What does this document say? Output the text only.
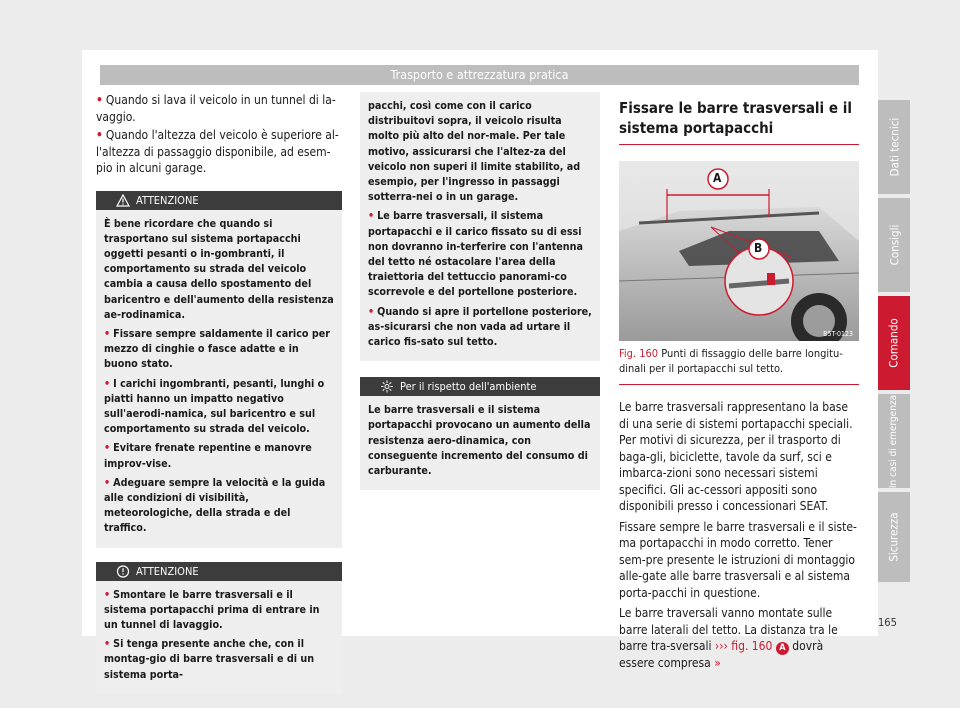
Trasporto e attrezzatura pratica

• Quando si lava il veicolo in un tunnel di la-vaggio.

• Quando l'altezza del veicolo è superiore al-l'altezza di passaggio disponibile, ad esem-pio in alcuni garage.

ATTENZIONE

È bene ricordare che quando si trasportano sul sistema portapacchi oggetti pesanti o in-gombranti, il comportamento su strada del veicolo cambia a causa dello spostamento del baricentro e dell'aumento della resistenza ae-rodinamica.

• Fissare sempre saldamente il carico per mezzo di cinghie o fasce adatte e in buono stato.

• I carichi ingombranti, pesanti, lunghi o piatti hanno un impatto negativo sull'aerodi-namica, sul baricentro e sul comportamento su strada del veicolo.

• Evitare frenate repentine e manovre improv-vise.

• Adeguare sempre la velocità e la guida alle condizioni di visibilità, meteorologiche, della strada e del traffico.

ATTENZIONE

• Smontare le barre trasversali e il sistema portapacchi prima di entrare in un tunnel di lavaggio.

• Si tenga presente anche che, con il montag-gio di barre trasversali e di un sistema porta-

pacchi, così come con il carico distribuitovi sopra, il veicolo risulta molto più alto del nor-male. Per tale motivo, assicurarsi che l'altez-za del veicolo non superi il limite stabilito, ad esempio, per l'ingresso in passaggi sotterra-nei o in un garage.

• Le barre trasversali, il sistema portapacchi e il carico fissato su di essi non dovranno in-terferire con l'antenna del tetto né ostacolare l'area della traiettoria del tettuccio panorami-co scorrevole e del portellone posteriore.

• Quando si apre il portellone posteriore, as-sicurarsi che non vada ad urtare il carico fis-sato sul tetto.

Per il rispetto dell'ambiente

Le barre trasversali e il sistema portapacchi provocano un aumento della resistenza aero-dinamica, con conseguente incremento del consumo di carburante.

Fissare le barre trasversali e il sistema portapacchi
A
B
B5T-0123

Fig. 160 Punti di fissaggio delle barre longitu-dinali per il portapacchi sul tetto.

Le barre trasversali rappresentano la base di una serie di sistemi portapacchi speciali. Per motivi di sicurezza, per il trasporto di baga-gli, biciclette, tavole da surf, sci e imbarca-zioni sono necessari sistemi specifici. Gli ac-cessori appositi sono disponibili presso i concessionari SEAT.

Fissare sempre le barre trasversali e il siste-ma portapacchi in modo corretto. Tener sem-pre presente le istruzioni di montaggio alle-gate alle barre trasversali e al sistema porta-pacchi in questione.

Le barre traversali vanno montate sulle barre laterali del tetto. La distanza tra le barre tra-sversali ››› fig. 160 A dovrà essere compresa »

Dati tecnici
Consigli
Comando
In casi di emergenza
Sicurezza
165
